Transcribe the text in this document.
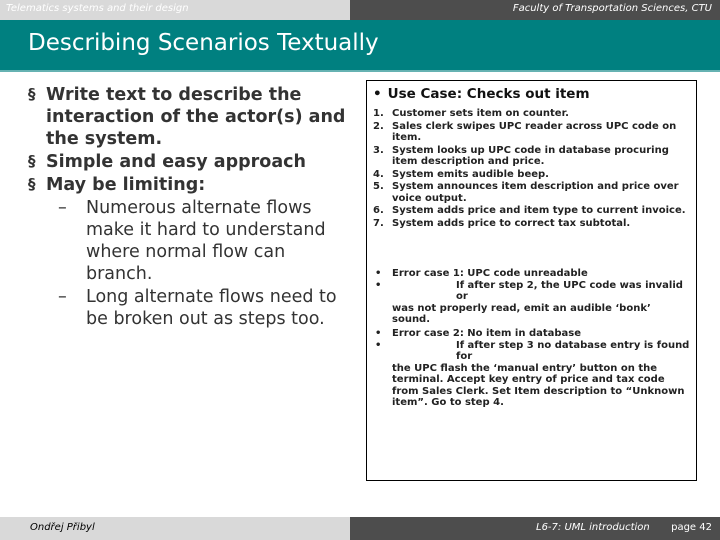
Telematics systems and their design	Faculty of Transportation Sciences, CTU
Describing Scenarios Textually
§ Write text to describe the interaction of the actor(s) and the system.
§ Simple and easy approach
§ May be limiting:
– Numerous alternate flows make it hard to understand where normal flow can branch.
– Long alternate flows need to be broken out as steps too.
• Use Case: Checks out item
1. Customer sets item on counter.
2. Sales clerk swipes UPC reader across UPC code on item.
3. System looks up UPC code in database procuring item description and price.
4. System emits audible beep.
5. System announces item description and price over voice output.
6. System adds price and item type to current invoice.
7. System adds price to correct tax subtotal.
• Error case 1: UPC code unreadable
•	If after step 2, the UPC code was invalid or
was not properly read, emit an audible ‘bonk’ sound.
• Error case 2: No item in database
•	If after step 3 no database entry is found for
the UPC flash the ‘manual entry’ button on the terminal. Accept key entry of price and tax code from Sales Clerk. Set Item description to “Unknown item”. Go to step 4.
Ondřej Přibyl	L6-7: UML introduction page 42
